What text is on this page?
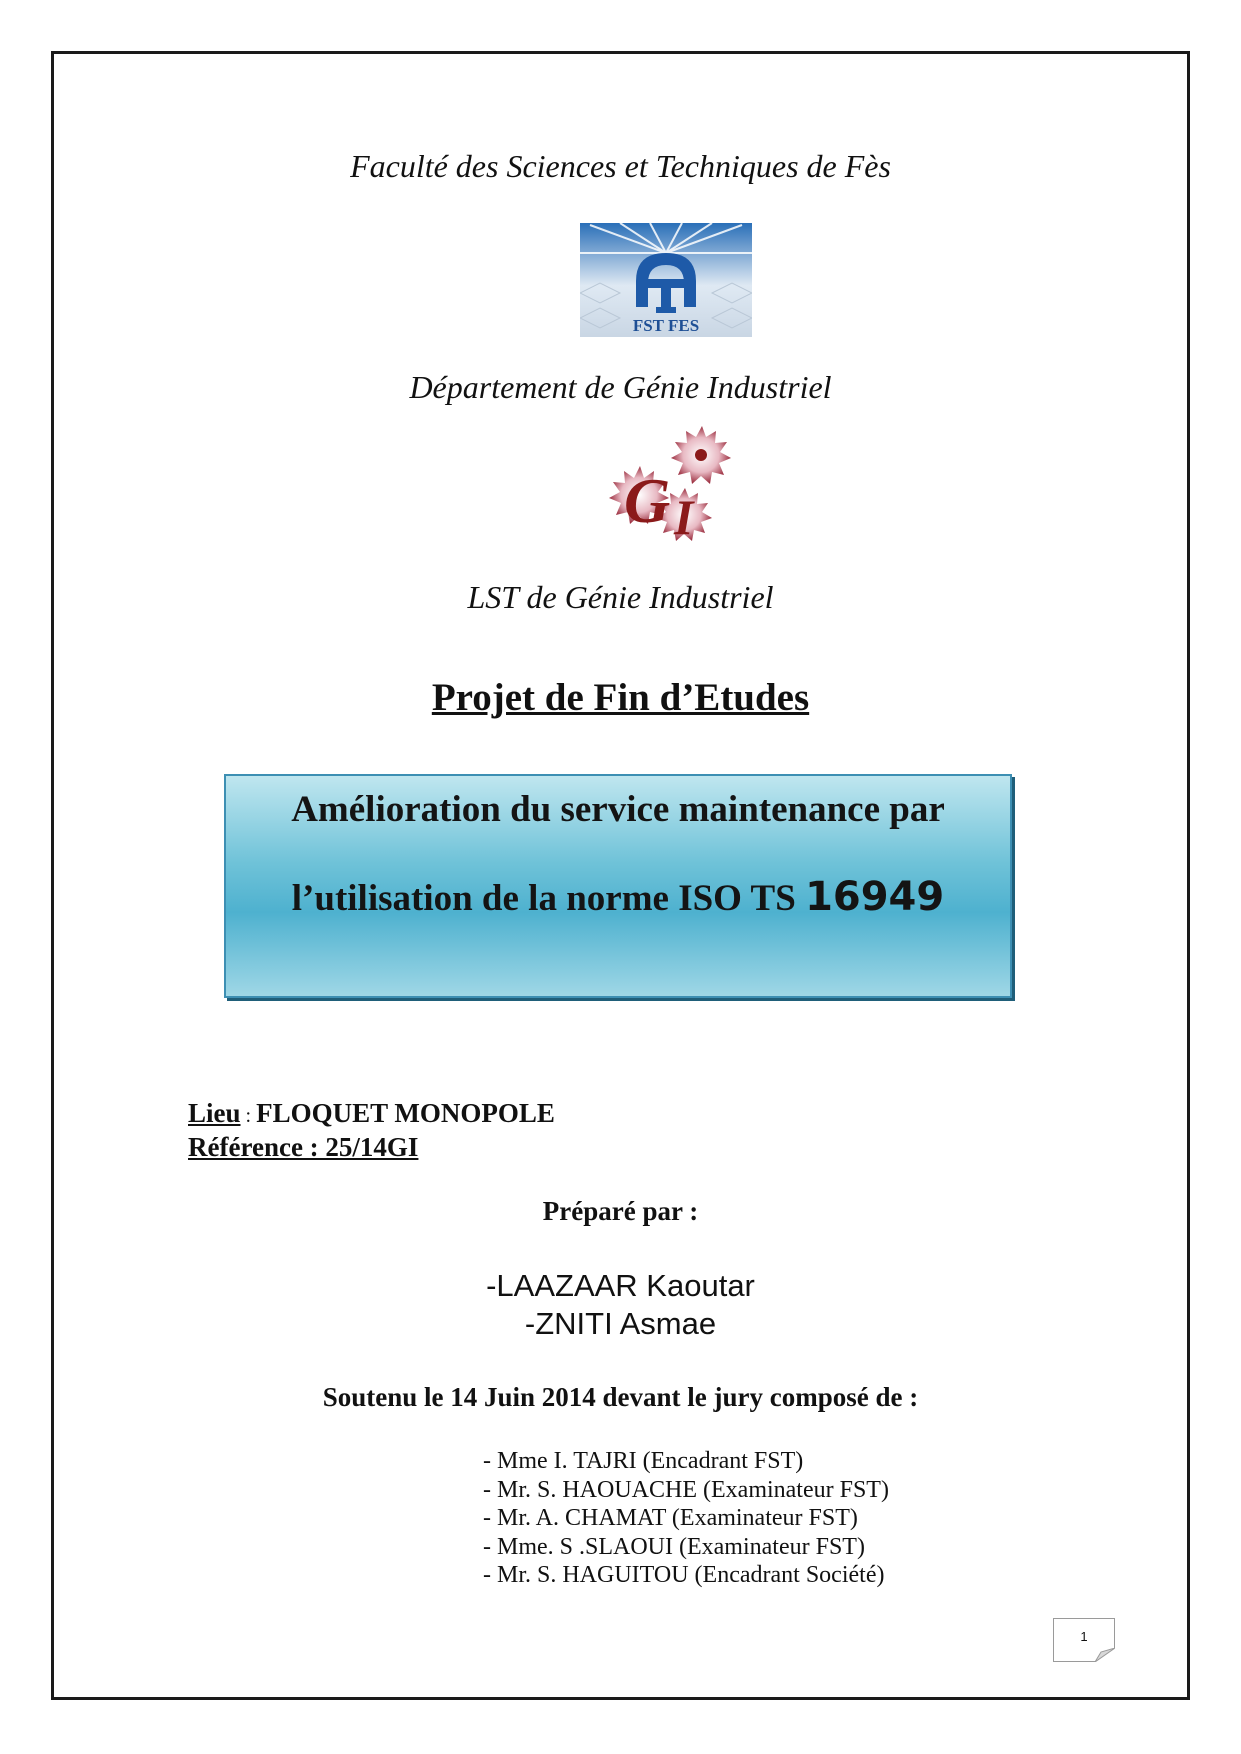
Faculté des Sciences et Techniques de Fès
FST FES
Département de Génie Industriel
G I
LST de Génie Industriel
Projet de Fin d’Etudes
Amélioration du service maintenance par
l’utilisation de la norme ISO TS 16949
Lieu : FLOQUET MONOPOLE
Référence : 25/14GI
Préparé par :
-LAAZAAR Kaoutar
-ZNITI Asmae
Soutenu le 14 Juin 2014 devant le jury composé de :
- Mme I. TAJRI (Encadrant FST)
- Mr. S. HAOUACHE (Examinateur FST)
- Mr. A. CHAMAT (Examinateur FST)
- Mme. S .SLAOUI (Examinateur FST)
- Mr. S. HAGUITOU (Encadrant Société)
1
